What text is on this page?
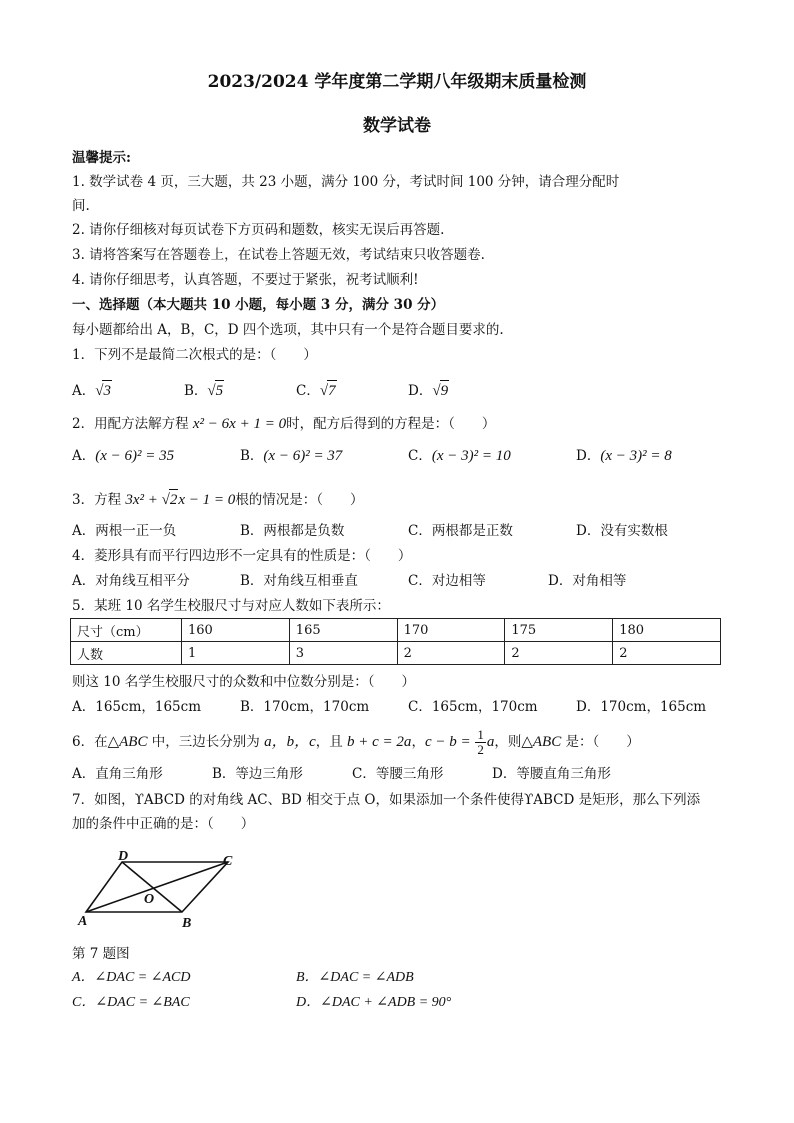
2023/2024 学年度第二学期八年级期末质量检测
数学试卷
温馨提示:
1. 数学试卷 4 页，三大题，共 23 小题，满分 100 分，考试时间 100 分钟，请合理分配时
间.
2. 请你仔细核对每页试卷下方页码和题数，核实无误后再答题.
3. 请将答案写在答题卷上，在试卷上答题无效，考试结束只收答题卷.
4. 请你仔细思考，认真答题，不要过于紧张，祝考试顺利!
一、选择题（本大题共 10 小题，每小题 3 分，满分 30 分）
每小题都给出 A，B，C，D 四个选项，其中只有一个是符合题目要求的.
1．下列不是最简二次根式的是：（　　）
A．√3	B．√5	C．√7	D．√9
2．用配方法解方程 x² − 6x + 1 = 0时，配方后得到的方程是：（　　）
A．(x − 6)² = 35	B．(x − 6)² = 37	C．(x − 3)² = 10	D．(x − 3)² = 8
3．方程 3x² + √2x − 1 = 0根的情况是：（　　）
A．两根一正一负	B．两根都是负数	C．两根都是正数	D．没有实数根
4．菱形具有而平行四边形不一定具有的性质是：（　　）
A．对角线互相平分	B．对角线互相垂直	C．对边相等	D．对角相等
5．某班 10 名学生校服尺寸与对应人数如下表所示：
尺寸（cm）	160	165	170	175	180
人数	1	3	2	2	2
则这 10 名学生校服尺寸的众数和中位数分别是：（　　）
A．165cm，165cm	B．170cm，170cm	C．165cm，170cm	D．170cm，165cm
6．在△ABC 中，三边长分别为 a，b，c，且 b + c = 2a，$c - b = \frac{1}{2}$ a，则△ABC 是：（　　）
A．直角三角形	B．等边三角形	C．等腰三角形	D．等腰直角三角形
7．如图，ϒABCD 的对角线 AC、BD 相交于点 O，如果添加一个条件使得ϒABCD 是矩形，那么下列添
加的条件中正确的是：（　　）
D	C
O
A	B
第 7 题图
A．∠DAC = ∠ACD	B．∠DAC = ∠ADB
C．∠DAC = ∠BAC	D．∠DAC + ∠ADB = 90°
